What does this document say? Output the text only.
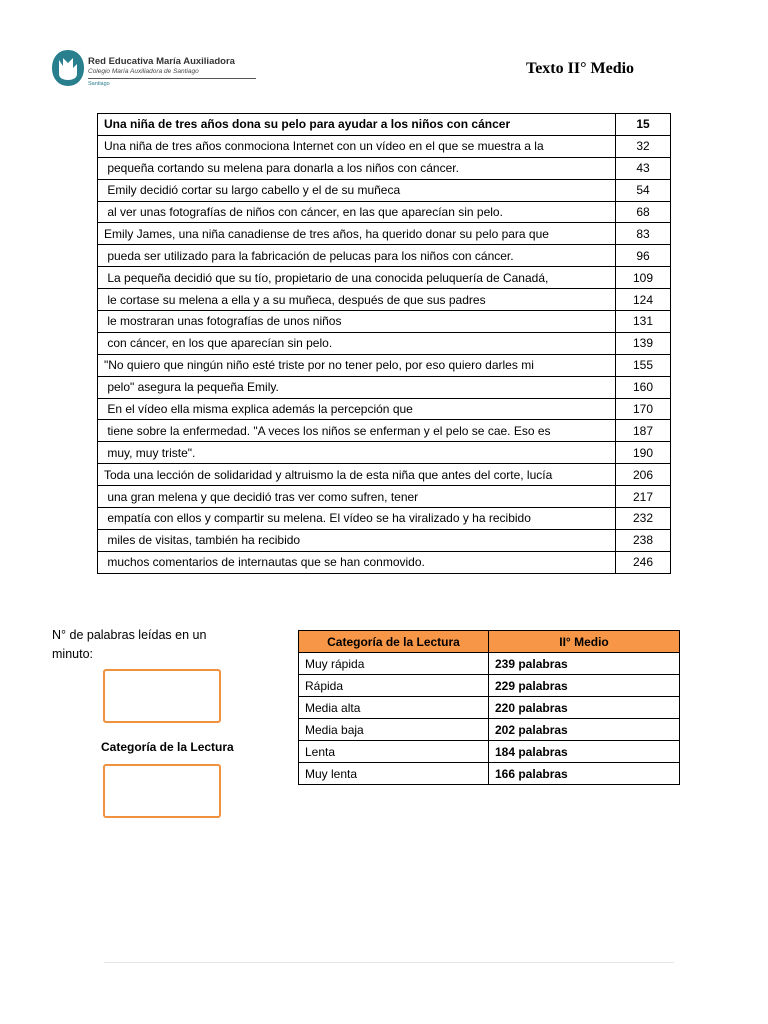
Red Educativa María Auxiliadora
Colegio María Auxiliadora de Santiago
Santiago
Texto II° Medio
Una niña de tres años dona su pelo para ayudar a los niños con cáncer	15
Una niña de tres años conmociona Internet con un vídeo en el que se muestra a la	32
pequeña cortando su melena para donarla a los niños con cáncer.	43
Emily decidió cortar su largo cabello y el de su muñeca	54
al ver unas fotografías de niños con cáncer, en las que aparecían sin pelo.	68
Emily James, una niña canadiense de tres años, ha querido donar su pelo para que	83
pueda ser utilizado para la fabricación de pelucas para los niños con cáncer.	96
La pequeña decidió que su tío, propietario de una conocida peluquería de Canadá,	109
le cortase su melena a ella y a su muñeca, después de que sus padres	124
le mostraran unas fotografías de unos niños	131
con cáncer, en los que aparecían sin pelo.	139
"No quiero que ningún niño esté triste por no tener pelo, por eso quiero darles mi	155
pelo" asegura la pequeña Emily.	160
En el vídeo ella misma explica además la percepción que	170
tiene sobre la enfermedad. "A veces los niños se enferman y el pelo se cae. Eso es	187
muy, muy triste".	190
Toda una lección de solidaridad y altruismo la de esta niña que antes del corte, lucía	206
una gran melena y que decidió tras ver como sufren, tener	217
empatía con ellos y compartir su melena. El vídeo se ha viralizado y ha recibido	232
miles de visitas, también ha recibido	238
muchos comentarios de internautas que se han conmovido.	246
N° de palabras leídas en un minuto:
Categoría de la Lectura
Categoría de la Lectura	II° Medio
Muy rápida	239 palabras
Rápida	229 palabras
Media alta	220 palabras
Media baja	202 palabras
Lenta	184 palabras
Muy lenta	166 palabras
